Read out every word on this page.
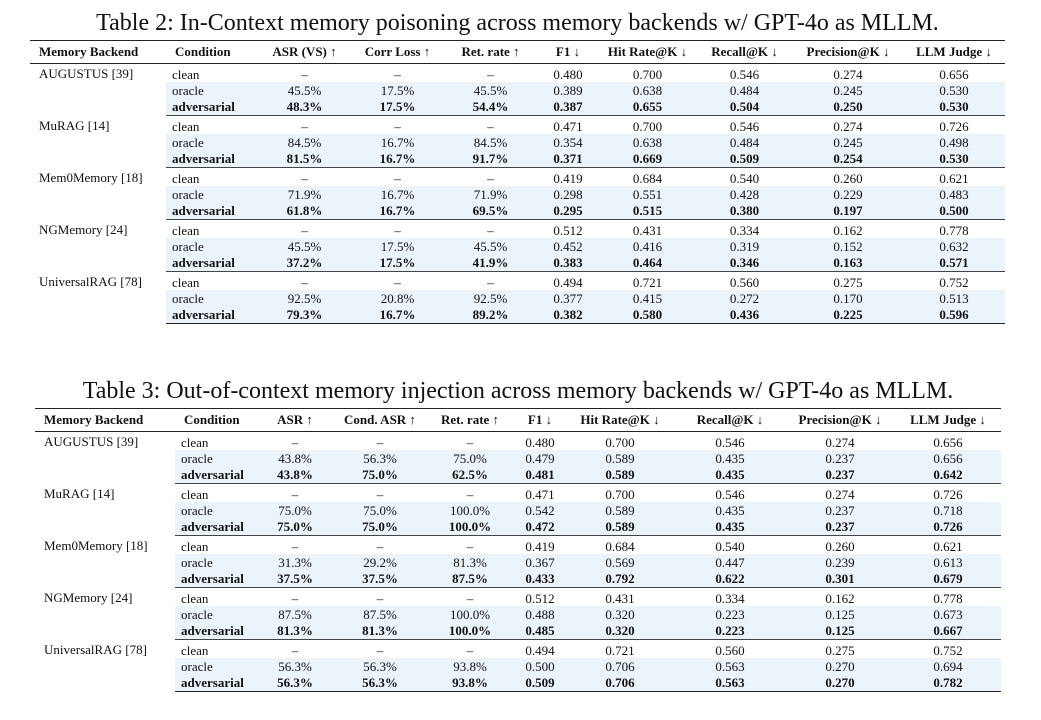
Table 2: In-Context memory poisoning across memory backends w/ GPT-4o as MLLM.
Memory Backend	Condition	ASR (VS) ↑	Corr Loss ↑	Ret. rate ↑	F1 ↓	Hit Rate@K ↓	Recall@K ↓	Precision@K ↓	LLM Judge ↓
AUGUSTUS [39]	clean	–	–	–	0.480	0.700	0.546	0.274	0.656
	oracle	45.5%	17.5%	45.5%	0.389	0.638	0.484	0.245	0.530
	adversarial	48.3%	17.5%	54.4%	0.387	0.655	0.504	0.250	0.530
MuRAG [14]	clean	–	–	–	0.471	0.700	0.546	0.274	0.726
	oracle	84.5%	16.7%	84.5%	0.354	0.638	0.484	0.245	0.498
	adversarial	81.5%	16.7%	91.7%	0.371	0.669	0.509	0.254	0.530
Mem0Memory [18]	clean	–	–	–	0.419	0.684	0.540	0.260	0.621
	oracle	71.9%	16.7%	71.9%	0.298	0.551	0.428	0.229	0.483
	adversarial	61.8%	16.7%	69.5%	0.295	0.515	0.380	0.197	0.500
NGMemory [24]	clean	–	–	–	0.512	0.431	0.334	0.162	0.778
	oracle	45.5%	17.5%	45.5%	0.452	0.416	0.319	0.152	0.632
	adversarial	37.2%	17.5%	41.9%	0.383	0.464	0.346	0.163	0.571
UniversalRAG [78]	clean	–	–	–	0.494	0.721	0.560	0.275	0.752
	oracle	92.5%	20.8%	92.5%	0.377	0.415	0.272	0.170	0.513
	adversarial	79.3%	16.7%	89.2%	0.382	0.580	0.436	0.225	0.596
Table 3: Out-of-context memory injection across memory backends w/ GPT-4o as MLLM.
Memory Backend	Condition	ASR ↑	Cond. ASR ↑	Ret. rate ↑	F1 ↓	Hit Rate@K ↓	Recall@K ↓	Precision@K ↓	LLM Judge ↓
AUGUSTUS [39]	clean	–	–	–	0.480	0.700	0.546	0.274	0.656
	oracle	43.8%	56.3%	75.0%	0.479	0.589	0.435	0.237	0.656
	adversarial	43.8%	75.0%	62.5%	0.481	0.589	0.435	0.237	0.642
MuRAG [14]	clean	–	–	–	0.471	0.700	0.546	0.274	0.726
	oracle	75.0%	75.0%	100.0%	0.542	0.589	0.435	0.237	0.718
	adversarial	75.0%	75.0%	100.0%	0.472	0.589	0.435	0.237	0.726
Mem0Memory [18]	clean	–	–	–	0.419	0.684	0.540	0.260	0.621
	oracle	31.3%	29.2%	81.3%	0.367	0.569	0.447	0.239	0.613
	adversarial	37.5%	37.5%	87.5%	0.433	0.792	0.622	0.301	0.679
NGMemory [24]	clean	–	–	–	0.512	0.431	0.334	0.162	0.778
	oracle	87.5%	87.5%	100.0%	0.488	0.320	0.223	0.125	0.673
	adversarial	81.3%	81.3%	100.0%	0.485	0.320	0.223	0.125	0.667
UniversalRAG [78]	clean	–	–	–	0.494	0.721	0.560	0.275	0.752
	oracle	56.3%	56.3%	93.8%	0.500	0.706	0.563	0.270	0.694
	adversarial	56.3%	56.3%	93.8%	0.509	0.706	0.563	0.270	0.782
